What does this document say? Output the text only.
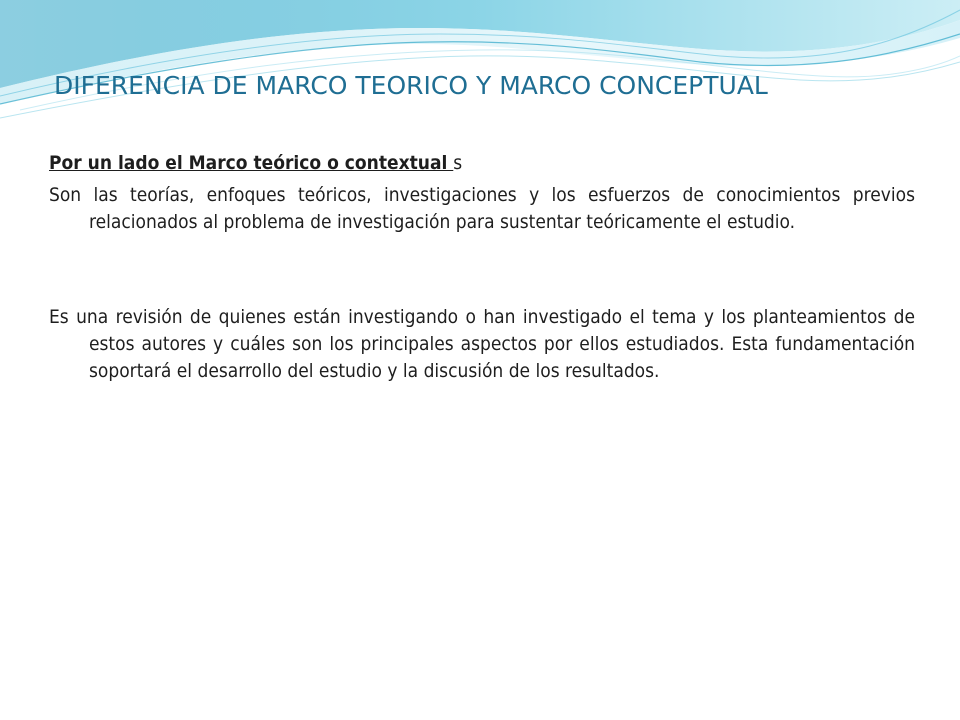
DIFERENCIA DE MARCO TEORICO Y MARCO CONCEPTUAL

Por un lado el Marco teórico o contextual s

Son las teorías, enfoques teóricos, investigaciones y los esfuerzos de conocimientos previos relacionados al problema de investigación para sustentar teóricamente el estudio.

Es una revisión de quienes están investigando o han investigado el tema y los planteamientos de estos autores y cuáles son los principales aspectos por ellos estudiados. Esta fundamentación soportará el desarrollo del estudio y la discusión de los resultados.
